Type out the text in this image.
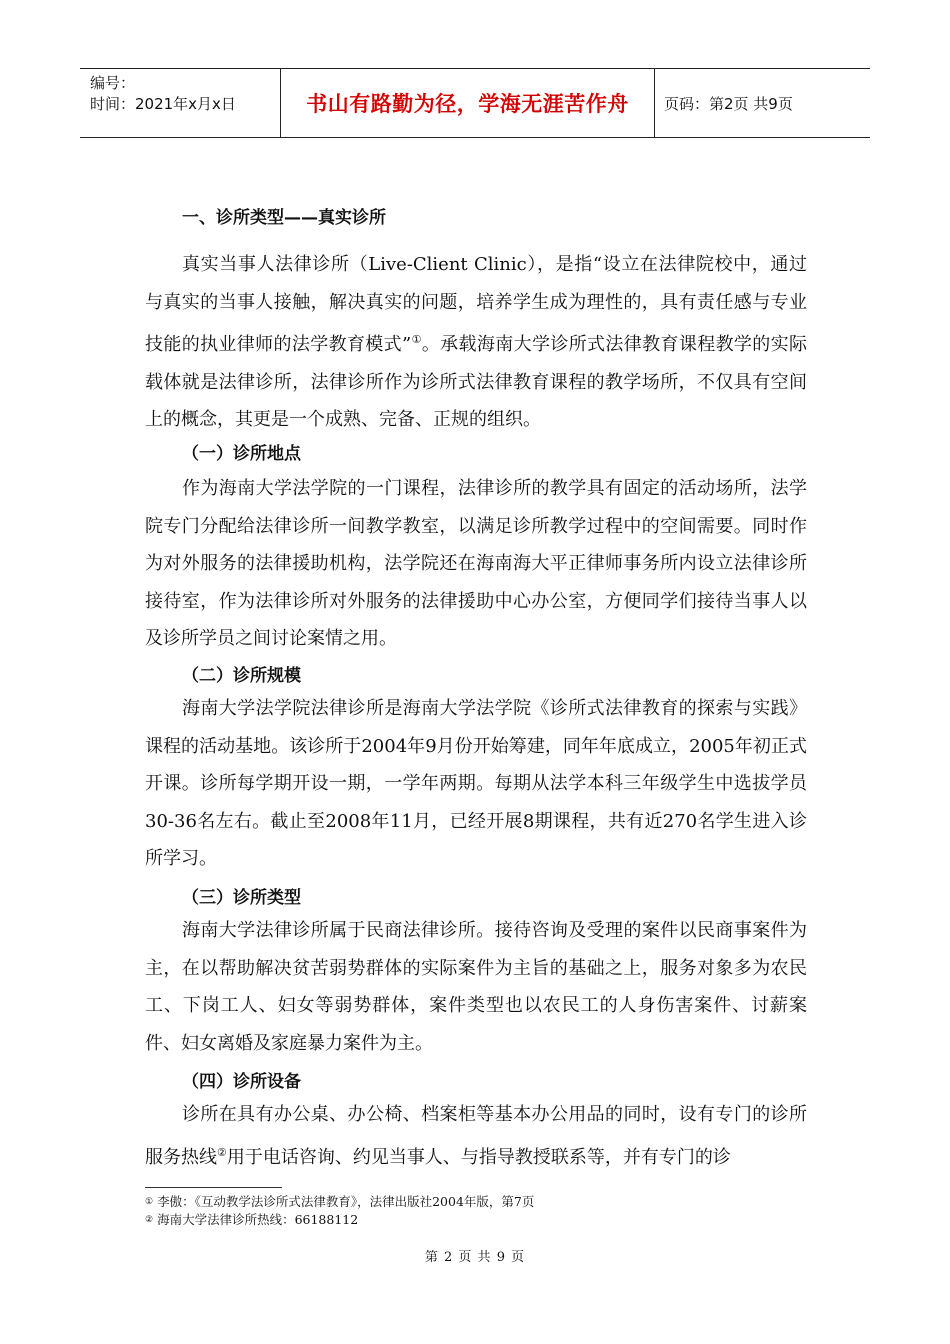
编号：
时间：2021年x月x日	书山有路勤为径，学海无涯苦作舟	页码：第2页 共9页
一、诊所类型——真实诊所

真实当事人法律诊所（Live-Client Clinic），是指“设立在法律院校中，通过与真实的当事人接触，解决真实的问题，培养学生成为理性的，具有责任感与专业技能的执业律师的法学教育模式”①。承载海南大学诊所式法律教育课程教学的实际载体就是法律诊所，法律诊所作为诊所式法律教育课程的教学场所，不仅具有空间上的概念，其更是一个成熟、完备、正规的组织。

（一）诊所地点

作为海南大学法学院的一门课程，法律诊所的教学具有固定的活动场所，法学院专门分配给法律诊所一间教学教室，以满足诊所教学过程中的空间需要。同时作为对外服务的法律援助机构，法学院还在海南海大平正律师事务所内设立法律诊所接待室，作为法律诊所对外服务的法律援助中心办公室，方便同学们接待当事人以及诊所学员之间讨论案情之用。

（二）诊所规模

海南大学法学院法律诊所是海南大学法学院《诊所式法律教育的探索与实践》课程的活动基地。该诊所于2004年9月份开始筹建，同年年底成立，2005年初正式开课。诊所每学期开设一期，一学年两期。每期从法学本科三年级学生中选拔学员30-36名左右。截止至2008年11月，已经开展8期课程，共有近270名学生进入诊所学习。

（三）诊所类型

海南大学法律诊所属于民商法律诊所。接待咨询及受理的案件以民商事案件为主，在以帮助解决贫苦弱势群体的实际案件为主旨的基础之上，服务对象多为农民工、下岗工人、妇女等弱势群体，案件类型也以农民工的人身伤害案件、讨薪案件、妇女离婚及家庭暴力案件为主。

（四）诊所设备

诊所在具有办公桌、办公椅、档案柜等基本办公用品的同时，设有专门的诊所服务热线②用于电话咨询、约见当事人、与指导教授联系等，并有专门的诊

① 李傲：《互动教学法诊所式法律教育》，法律出版社2004年版，第7页
② 海南大学法律诊所热线：66188112
第 2 页 共 9 页
